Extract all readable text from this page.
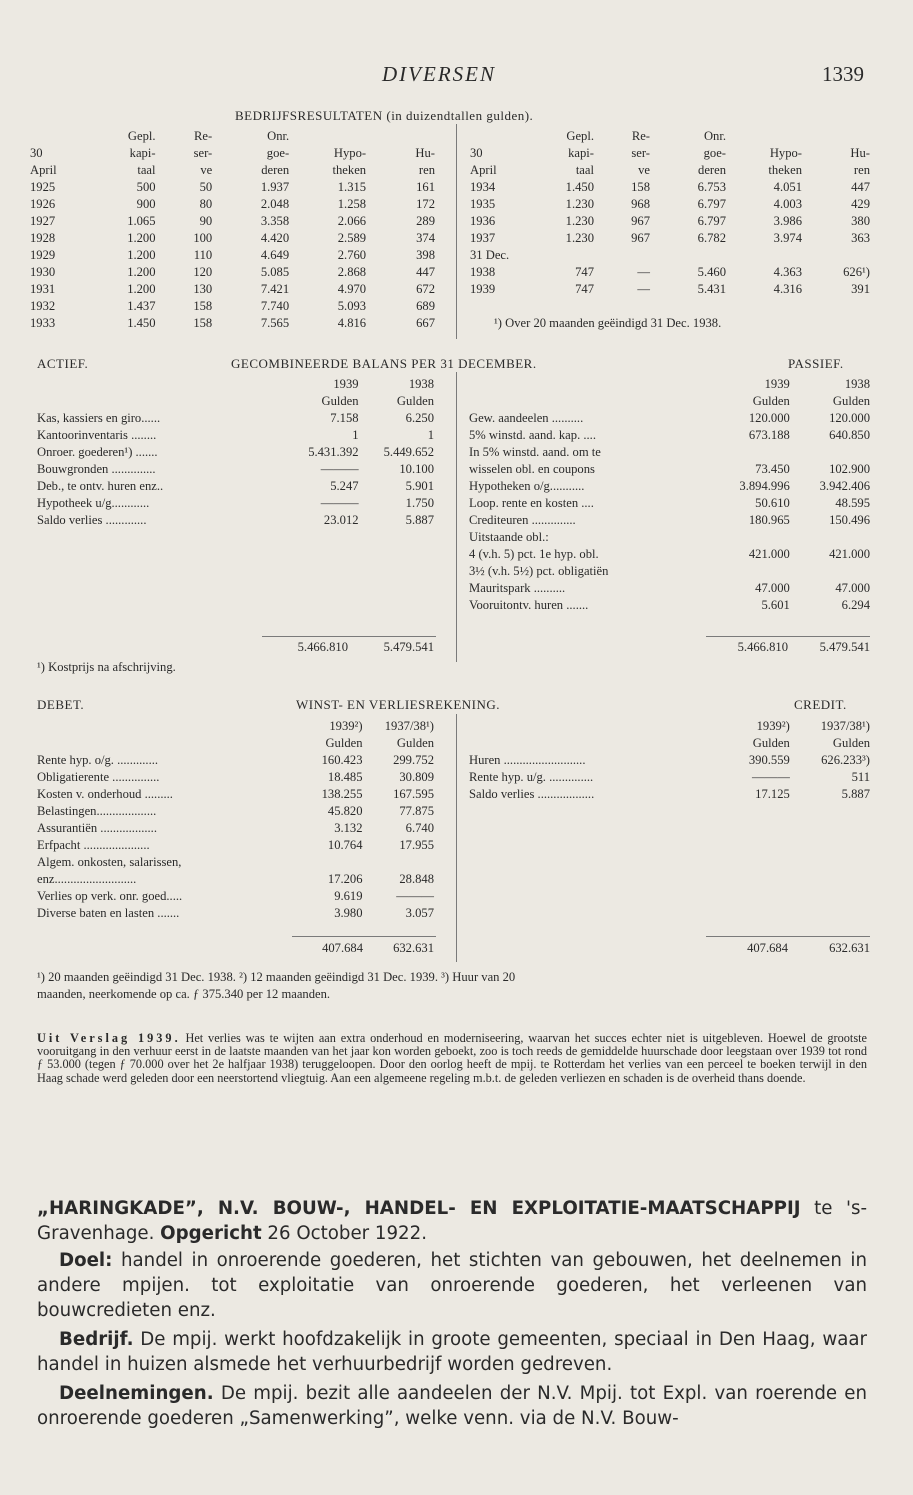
DIVERSEN	1339
BEDRIJFSRESULTATEN (in duizendtallen gulden).
	Gepl.	Re-	Onr.		
30	kapi-	ser-	goe-	Hypo-	Hu-
April	taal	ve	deren	theken	ren
1925	500	50	1.937	1.315	161
1926	900	80	2.048	1.258	172
1927	1.065	90	3.358	2.066	289
1928	1.200	100	4.420	2.589	374
1929	1.200	110	4.649	2.760	398
1930	1.200	120	5.085	2.868	447
1931	1.200	130	7.421	4.970	672
1932	1.437	158	7.740	5.093	689
1933	1.450	158	7.565	4.816	667
	Gepl.	Re-	Onr.		
30	kapi-	ser-	goe-	Hypo-	Hu-
April	taal	ve	deren	theken	ren
1934	1.450	158	6.753	4.051	447
1935	1.230	968	6.797	4.003	429
1936	1.230	967	6.797	3.986	380
1937	1.230	967	6.782	3.974	363
31 Dec.					
1938	747	—	5.460	4.363	626¹)
1939	747	—	5.431	4.316	391
¹) Over 20 maanden geëindigd 31 Dec. 1938.
ACTIEF.	GECOMBINEERDE BALANS PER 31 DECEMBER.	PASSIEF.
	1939	1938
	Gulden	Gulden
Kas, kassiers en giro......	7.158	6.250
Kantoorinventaris ........	1	1
Onroer. goederen¹) .......	5.431.392	5.449.652
Bouwgronden ..............	———	10.100
Deb., te ontv. huren enz..	5.247	5.901
Hypotheek u/g............	———	1.750
Saldo verlies .............	23.012	5.887
	1939	1938
	Gulden	Gulden
Gew. aandeelen ..........	120.000	120.000
5% winstd. aand. kap. ....	673.188	640.850
In 5% winstd. aand. om te		
wisselen obl. en coupons	73.450	102.900
Hypotheken o/g...........	3.894.996	3.942.406
Loop. rente en kosten ....	50.610	48.595
Crediteuren ..............	180.965	150.496
Uitstaande obl.:		
4 (v.h. 5) pct. 1e hyp. obl.	421.000	421.000
3½ (v.h. 5½) pct. obligatiën		
Mauritspark ..........	47.000	47.000
Vooruitontv. huren .......	5.601	6.294
5.466.810	5.479.541	5.466.810	5.479.541
¹) Kostprijs na afschrijving.
DEBET.	WINST- EN VERLIESREKENING.	CREDIT.
	1939²)	1937/38¹)
	Gulden	Gulden
Rente hyp. o/g. .............	160.423	299.752
Obligatierente ...............	18.485	30.809
Kosten v. onderhoud .........	138.255	167.595
Belastingen...................	45.820	77.875
Assurantiën ..................	3.132	6.740
Erfpacht .....................	10.764	17.955
Algem. onkosten, salarissen,		
enz..........................	17.206	28.848
Verlies op verk. onr. goed.....	9.619	———
Diverse baten en lasten .......	3.980	3.057
	1939²)	1937/38¹)
	Gulden	Gulden
Huren ..........................	390.559	626.233³)
Rente hyp. u/g. ..............	———	511
Saldo verlies ..................	17.125	5.887
407.684	632.631	407.684	632.631
¹) 20 maanden geëindigd 31 Dec. 1938. ²) 12 maanden geëindigd 31 Dec. 1939. ³) Huur van 20
maanden, neerkomende op ca. ƒ 375.340 per 12 maanden.
Uit Verslag 1939. Het verlies was te wijten aan extra onderhoud en moderniseering, waarvan het succes echter niet is uitgebleven. Hoewel de grootste vooruitgang in den verhuur eerst in de laatste maanden van het jaar kon worden geboekt, zoo is toch reeds de gemiddelde huurschade door leegstaan over 1939 tot rond ƒ 53.000 (tegen ƒ 70.000 over het 2e halfjaar 1938) teruggeloopen. Door den oorlog heeft de mpij. te Rotterdam het verlies van een perceel te boeken terwijl in den Haag schade werd geleden door een neerstortend vliegtuig. Aan een algemeene regeling m.b.t. de geleden verliezen en schaden is de overheid thans doende.
„HARINGKADE”, N.V. BOUW-, HANDEL- EN EXPLOITATIE-MAATSCHAPPIJ te 's-Gravenhage. Opgericht 26 October 1922.
Doel: handel in onroerende goederen, het stichten van gebouwen, het deelnemen in andere mpijen. tot exploitatie van onroerende goederen, het verleenen van bouwcredieten enz.
Bedrijf. De mpij. werkt hoofdzakelijk in groote gemeenten, speciaal in Den Haag, waar handel in huizen alsmede het verhuurbedrijf worden gedreven.
Deelnemingen. De mpij. bezit alle aandeelen der N.V. Mpij. tot Expl. van roerende en onroerende goederen „Samenwerking”, welke venn. via de N.V. Bouw-
